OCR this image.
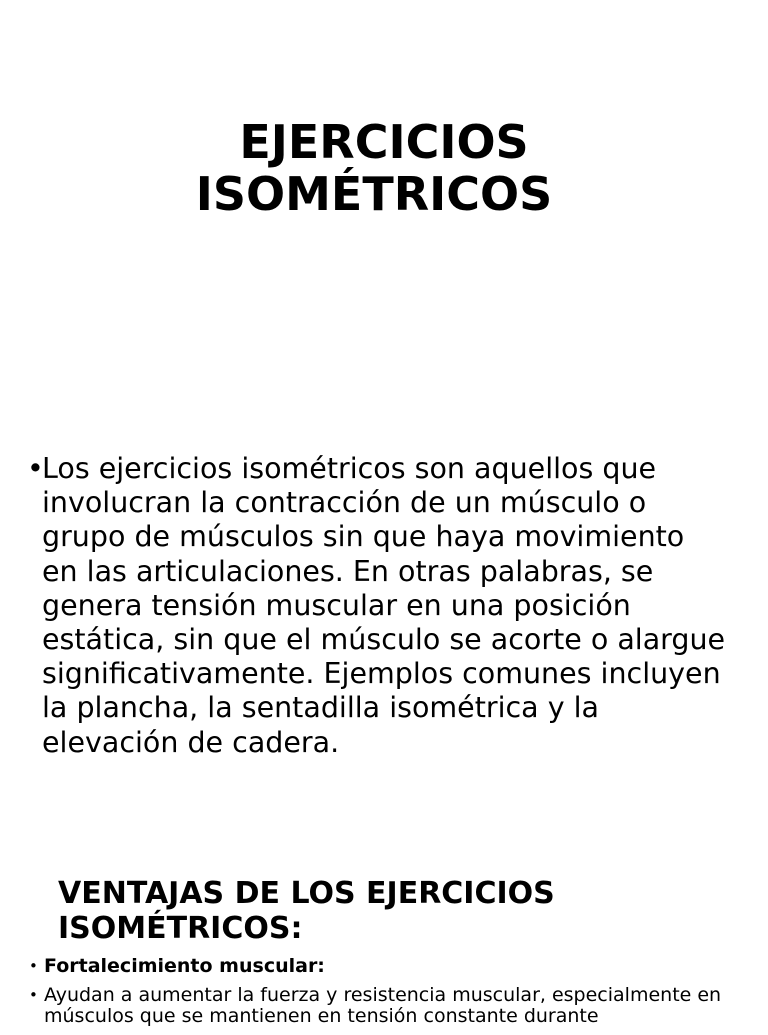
EJERCICIOS
ISOMÉTRICOS
•
Los ejercicios isométricos son aquellos que involucran la contracción de un músculo o grupo de músculos sin que haya movimiento en las articulaciones. En otras palabras, se genera tensión muscular en una posición estática, sin que el músculo se acorte o alargue significativamente. Ejemplos comunes incluyen la plancha, la sentadilla isométrica y la elevación de cadera.
VENTAJAS DE LOS EJERCICIOS ISOMÉTRICOS:
• Fortalecimiento muscular:
• Ayudan a aumentar la fuerza y resistencia muscular, especialmente en músculos que se mantienen en tensión constante durante
